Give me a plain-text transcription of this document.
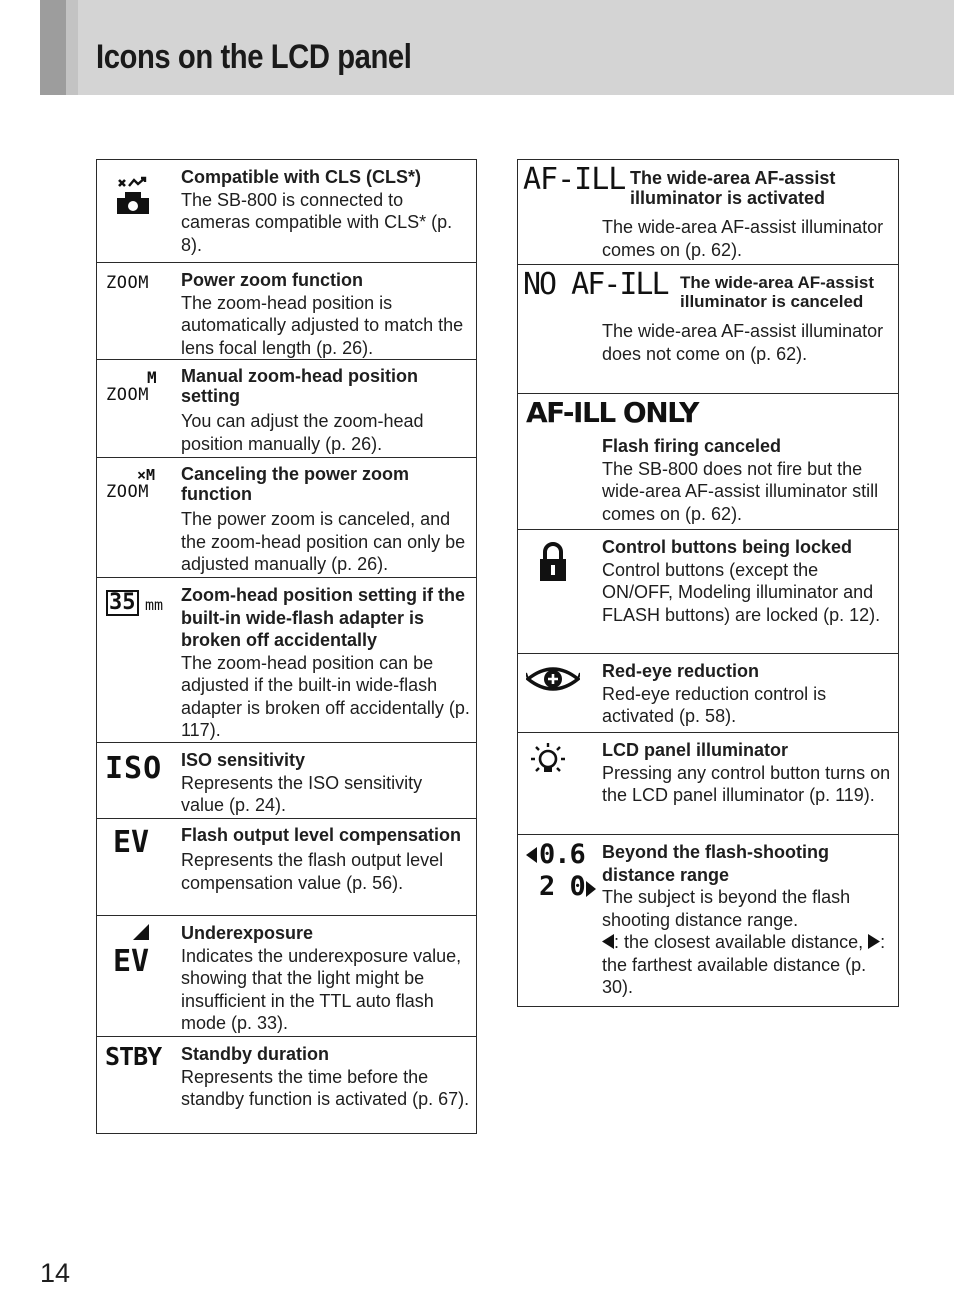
Icons on the LCD panel
Compatible with CLS (CLS*)
The SB-800 is connected to cameras compatible with CLS* (p. 8).
ZOOM Power zoom function
The zoom-head position is automatically adjusted to match the lens focal length (p. 26).
M
ZOOM
Manual zoom-head position setting
You can adjust the zoom-head position manually (p. 26).
×M
ZOOM
Canceling the power zoom function
The power zoom is canceled, and the zoom-head position can only be adjusted manually (p. 26).
35 mm Zoom-head position setting if the built-in wide-flash adapter is broken off accidentally
The zoom-head position can be adjusted if the built-in wide-flash adapter is broken off accidentally (p. 117).
ISO ISO sensitivity
Represents the ISO sensitivity value (p. 24).
EV Flash output level compensation
Represents the flash output level compensation value (p. 56).
EV
Underexposure
Indicates the underexposure value, showing that the light might be insufficient in the TTL auto flash mode (p. 33).
STBY Standby duration
Represents the time before the standby function is activated (p. 67).
AF-ILL The wide-area AF-assist illuminator is activated
The wide-area AF-assist illuminator comes on (p. 62).
NO AF-ILL The wide-area AF-assist illuminator is canceled
The wide-area AF-assist illuminator does not come on (p. 62).
AF-ILL ONLY
Flash firing canceled
The SB-800 does not fire but the wide-area AF-assist illuminator still comes on (p. 62).
Control buttons being locked
Control buttons (except the ON/OFF, Modeling illuminator and FLASH buttons) are locked (p. 12).
Red-eye reduction
Red-eye reduction control is activated (p. 58).
LCD panel illuminator
Pressing any control button turns on the LCD panel illuminator (p. 119).
0.6
2 0
Beyond the flash-shooting distance range
The subject is beyond the flash shooting distance range.
: the closest available distance, : the farthest available distance (p. 30).
14
